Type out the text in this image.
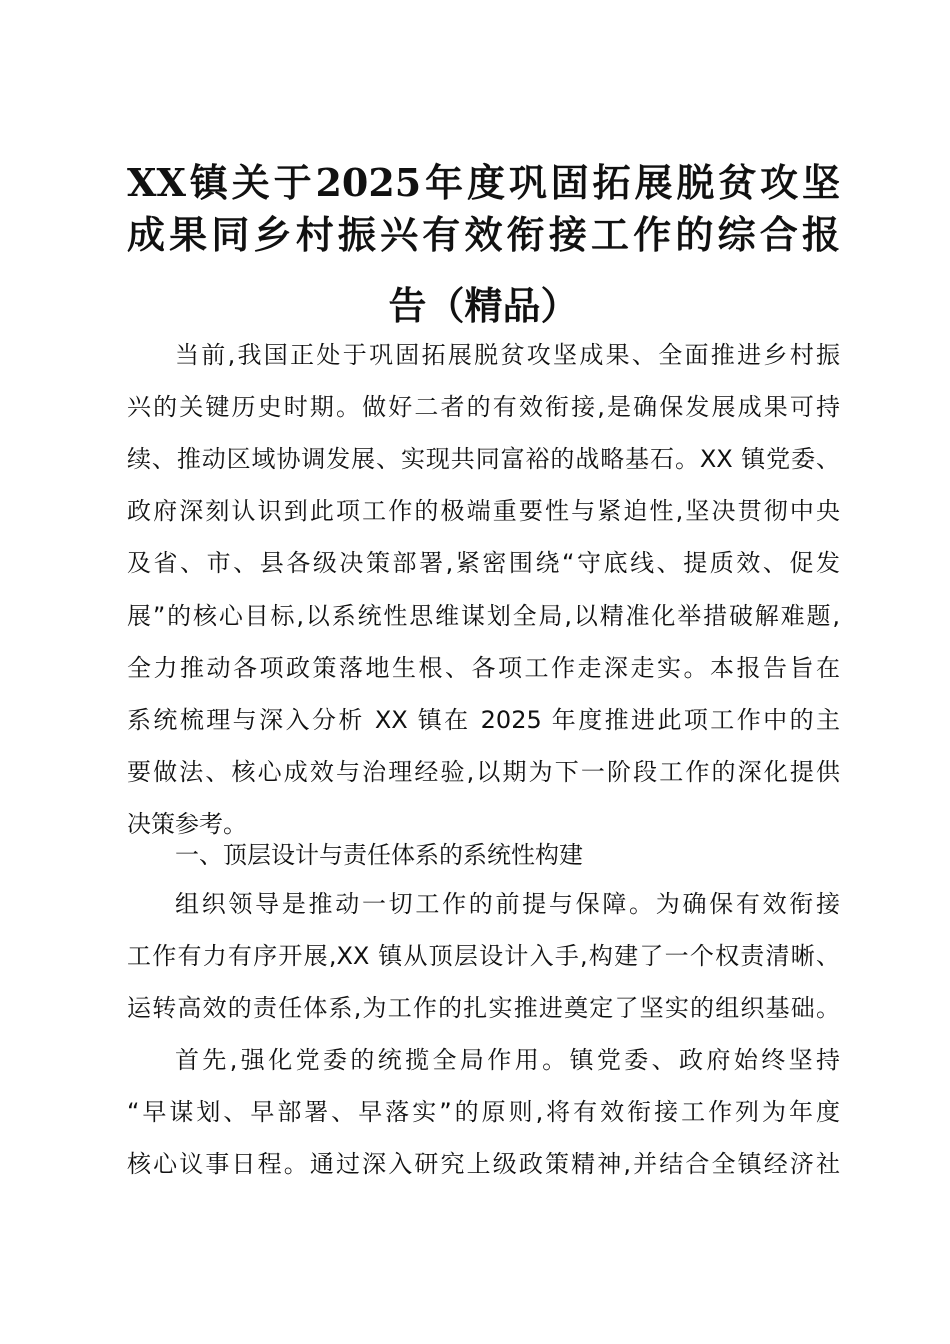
XX镇关于2025年度巩固拓展脱贫攻坚
成果同乡村振兴有效衔接工作的综合报
告（精品）
当前,我国正处于巩固拓展脱贫攻坚成果、全面推进乡村振
兴的关键历史时期。做好二者的有效衔接,是确保发展成果可持
续、推动区域协调发展、实现共同富裕的战略基石。XX 镇党委、
政府深刻认识到此项工作的极端重要性与紧迫性,坚决贯彻中央
及省、市、县各级决策部署,紧密围绕“守底线、提质效、促发
展”的核心目标,以系统性思维谋划全局,以精准化举措破解难题,
全力推动各项政策落地生根、各项工作走深走实。本报告旨在
系统梳理与深入分析 XX 镇在 2025 年度推进此项工作中的主
要做法、核心成效与治理经验,以期为下一阶段工作的深化提供
决策参考。
一、顶层设计与责任体系的系统性构建
组织领导是推动一切工作的前提与保障。为确保有效衔接
工作有力有序开展,XX 镇从顶层设计入手,构建了一个权责清晰、
运转高效的责任体系,为工作的扎实推进奠定了坚实的组织基础。
首先,强化党委的统揽全局作用。镇党委、政府始终坚持
“早谋划、早部署、早落实”的原则,将有效衔接工作列为年度
核心议事日程。通过深入研究上级政策精神,并结合全镇经济社
